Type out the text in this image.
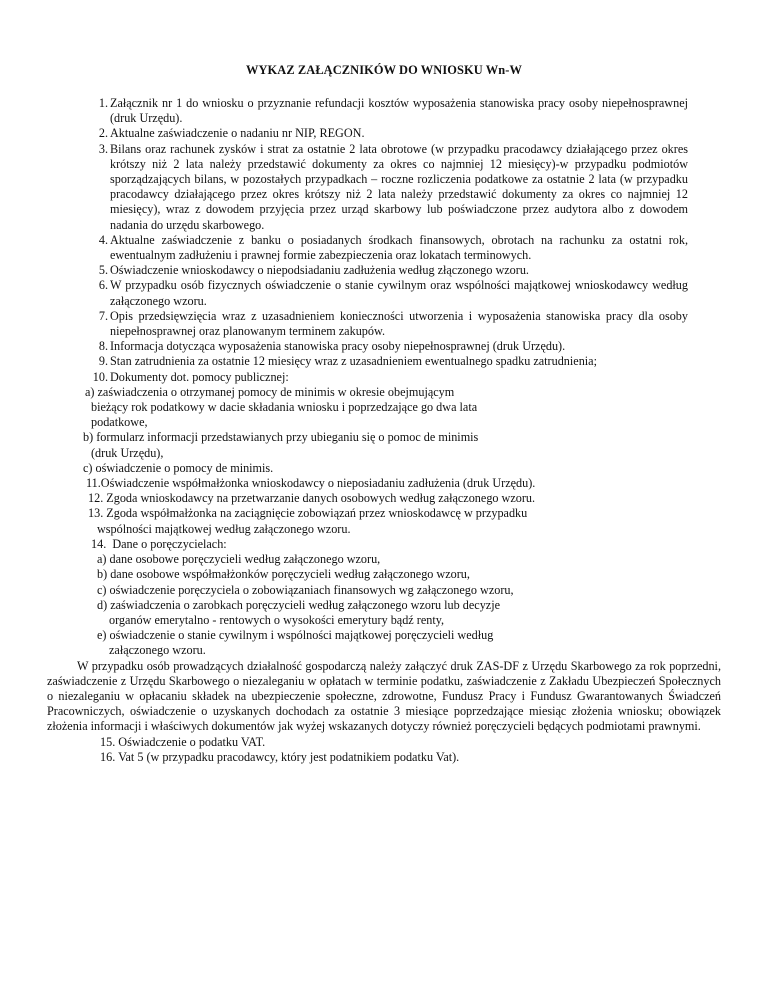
WYKAZ ZAŁĄCZNIKÓW DO WNIOSKU Wn-W
1. Załącznik nr 1 do wniosku o przyznanie refundacji kosztów wyposażenia stanowiska pracy osoby niepełnosprawnej (druk Urzędu).
2. Aktualne zaświadczenie o nadaniu nr NIP, REGON.
3. Bilans oraz rachunek zysków i strat za ostatnie 2 lata obrotowe (w przypadku pracodawcy działającego przez okres krótszy niż 2 lata należy przedstawić dokumenty za okres co najmniej 12 miesięcy)-w przypadku podmiotów sporządzających bilans, w pozostałych przypadkach – roczne rozliczenia podatkowe za ostatnie 2 lata (w przypadku pracodawcy działającego przez okres krótszy niż 2 lata należy przedstawić dokumenty za okres co najmniej 12 miesięcy), wraz z dowodem przyjęcia przez urząd skarbowy lub poświadczone przez audytora albo z dowodem nadania do urzędu skarbowego.
4. Aktualne zaświadczenie z banku o posiadanych środkach finansowych, obrotach na rachunku za ostatni rok, ewentualnym zadłużeniu i prawnej formie zabezpieczenia oraz lokatach terminowych.
5. Oświadczenie wnioskodawcy o niepodsiadaniu zadłużenia według złączonego wzoru.
6. W przypadku osób fizycznych oświadczenie o stanie cywilnym oraz wspólności majątkowej wnioskodawcy według załączonego wzoru.
7. Opis przedsięwzięcia wraz z uzasadnieniem konieczności utworzenia i wyposażenia stanowiska pracy dla osoby niepełnosprawnej oraz planowanym terminem zakupów.
8. Informacja dotycząca wyposażenia stanowiska pracy osoby niepełnosprawnej (druk Urzędu).
9. Stan zatrudnienia za ostatnie 12 miesięcy wraz z uzasadnieniem ewentualnego spadku zatrudnienia;
10. Dokumenty dot. pomocy publicznej:
a) zaświadczenia o otrzymanej pomocy de minimis w okresie obejmującym
bieżący rok podatkowy w dacie składania wniosku i poprzedzające go dwa lata
podatkowe,
b) formularz informacji przedstawianych przy ubieganiu się o pomoc de minimis
(druk Urzędu),
c) oświadczenie o pomocy de minimis.
11.Oświadczenie współmałżonka wnioskodawcy o nieposiadaniu zadłużenia (druk Urzędu).
12. Zgoda wnioskodawcy na przetwarzanie danych osobowych według załączonego wzoru.
13. Zgoda współmałżonka na zaciągnięcie zobowiązań przez wnioskodawcę w przypadku
wspólności majątkowej według załączonego wzoru.
14. Dane o poręczycielach:
a) dane osobowe poręczycieli według załączonego wzoru,
b) dane osobowe współmałżonków poręczycieli według załączonego wzoru,
c) oświadczenie poręczyciela o zobowiązaniach finansowych wg załączonego wzoru,
d) zaświadczenia o zarobkach poręczycieli według załączonego wzoru lub decyzje
organów emerytalno - rentowych o wysokości emerytury bądź renty,
e) oświadczenie o stanie cywilnym i wspólności majątkowej poręczycieli według
załączonego wzoru.
W przypadku osób prowadzących działalność gospodarczą należy załączyć druk ZAS-DF z Urzędu Skarbowego za rok poprzedni, zaświadczenie z Urzędu Skarbowego o niezaleganiu w opłatach w terminie podatku, zaświadczenie z Zakładu Ubezpieczeń Społecznych o niezaleganiu w opłacaniu składek na ubezpieczenie społeczne, zdrowotne, Fundusz Pracy i Fundusz Gwarantowanych Świadczeń Pracowniczych, oświadczenie o uzyskanych dochodach za ostatnie 3 miesiące poprzedzające miesiąc złożenia wniosku; obowiązek złożenia informacji i właściwych dokumentów jak wyżej wskazanych dotyczy również poręczycieli będących podmiotami prawnymi.
15. Oświadczenie o podatku VAT.
16. Vat 5 (w przypadku pracodawcy, który jest podatnikiem podatku Vat).
